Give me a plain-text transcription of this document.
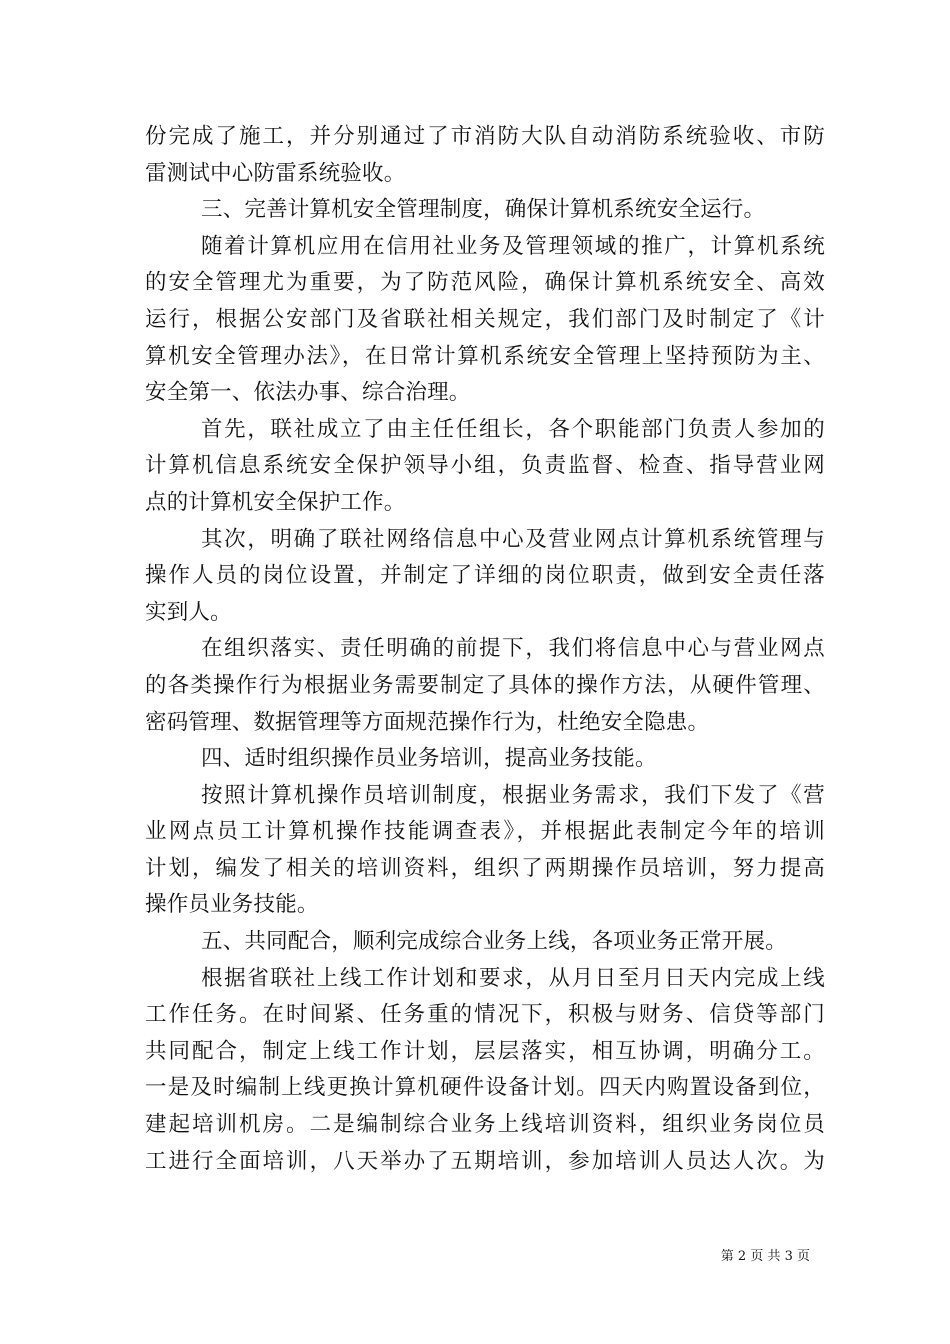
份完成了施工，并分别通过了市消防大队自动消防系统验收、市防
雷测试中心防雷系统验收。
三、完善计算机安全管理制度，确保计算机系统安全运行。
随着计算机应用在信用社业务及管理领域的推广，计算机系统
的安全管理尤为重要，为了防范风险，确保计算机系统安全、高效
运行，根据公安部门及省联社相关规定，我们部门及时制定了《计
算机安全管理办法》，在日常计算机系统安全管理上坚持预防为主、
安全第一、依法办事、综合治理。
首先，联社成立了由主任任组长，各个职能部门负责人参加的
计算机信息系统安全保护领导小组，负责监督、检查、指导营业网
点的计算机安全保护工作。
其次，明确了联社网络信息中心及营业网点计算机系统管理与
操作人员的岗位设置，并制定了详细的岗位职责，做到安全责任落
实到人。
在组织落实、责任明确的前提下，我们将信息中心与营业网点
的各类操作行为根据业务需要制定了具体的操作方法，从硬件管理、
密码管理、数据管理等方面规范操作行为，杜绝安全隐患。
四、适时组织操作员业务培训，提高业务技能。
按照计算机操作员培训制度，根据业务需求，我们下发了《营
业网点员工计算机操作技能调查表》，并根据此表制定今年的培训
计划，编发了相关的培训资料，组织了两期操作员培训，努力提高
操作员业务技能。
五、共同配合，顺利完成综合业务上线，各项业务正常开展。
根据省联社上线工作计划和要求，从月日至月日天内完成上线
工作任务。在时间紧、任务重的情况下，积极与财务、信贷等部门
共同配合，制定上线工作计划，层层落实，相互协调，明确分工。
一是及时编制上线更换计算机硬件设备计划。四天内购置设备到位，
建起培训机房。二是编制综合业务上线培训资料，组织业务岗位员
工进行全面培训，八天举办了五期培训，参加培训人员达人次。为
第 2 页 共 3 页
